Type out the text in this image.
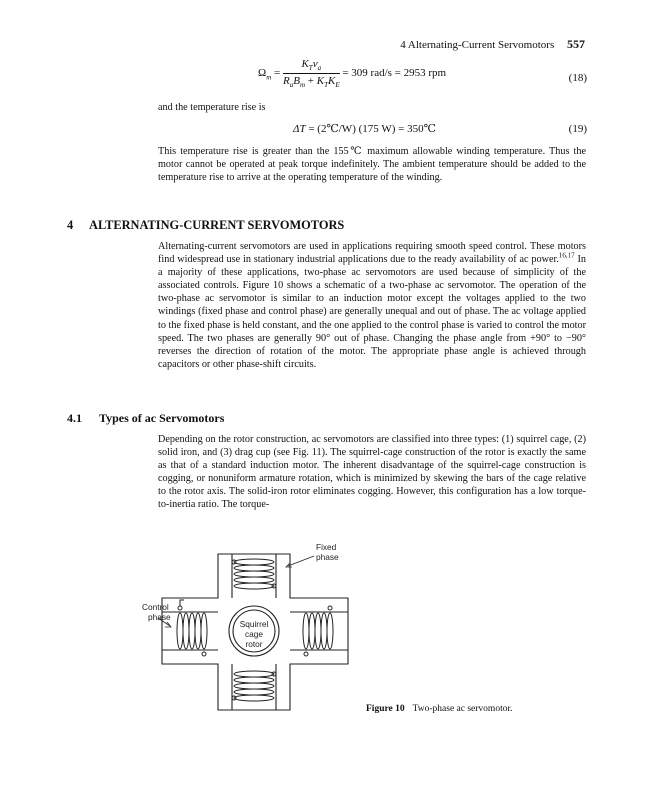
4 Alternating-Current Servomotors 557
$\Omega_m = \frac{K_Tv_a}{R_aB_m + K_TK_E} = 309$ rad/s = 2953 rpm	(18)
and the temperature rise is
ΔT = (2℃/W) (175 W) = 350℃	(19)
This temperature rise is greater than the 155℃ maximum allowable winding temperature. Thus the motor cannot be operated at peak torque indefinitely. The ambient temperature should be added to the temperature rise to arrive at the operating temperature of the winding.
4 ALTERNATING-CURRENT SERVOMOTORS
Alternating-current servomotors are used in applications requiring smooth speed control. These motors find widespread use in stationary industrial applications due to the ready availability of ac power.$^{16,17}$ In a majority of these applications, two-phase ac servomotors are used because of simplicity of the associated controls. Figure 10 shows a schematic of a two-phase ac servomotor. The operation of the two-phase ac servomotor is similar to an induction motor except the voltages applied to the two windings (fixed phase and control phase) are generally unequal and out of phase. The ac voltage applied to the fixed phase is held constant, and the one applied to the control phase is varied to control the motor speed. The two phases are generally 90° out of phase. Changing the phase angle from +90° to −90° reverses the direction of rotation of the motor. The appropriate phase angle is achieved through capacitors or other phase-shift circuits.
4.1 Types of ac Servomotors
Depending on the rotor construction, ac servomotors are classified into three types: (1) squirrel cage, (2) solid iron, and (3) drag cup (see Fig. 11). The squirrel-cage construction of the rotor is exactly the same as that of a standard induction motor. The inherent disadvantage of the squirrel-cage construction is cogging, or nonuniform armature rotation, which is minimized by skewing the bars of the cage relative to the rotor axis. The solid-iron rotor eliminates cogging. However, this configuration has a low torque-to-inertia ratio. The torque-
Fixed
phase
Control
phase
Squirrel
cage
rotor
Figure 10 Two-phase ac servomotor.
